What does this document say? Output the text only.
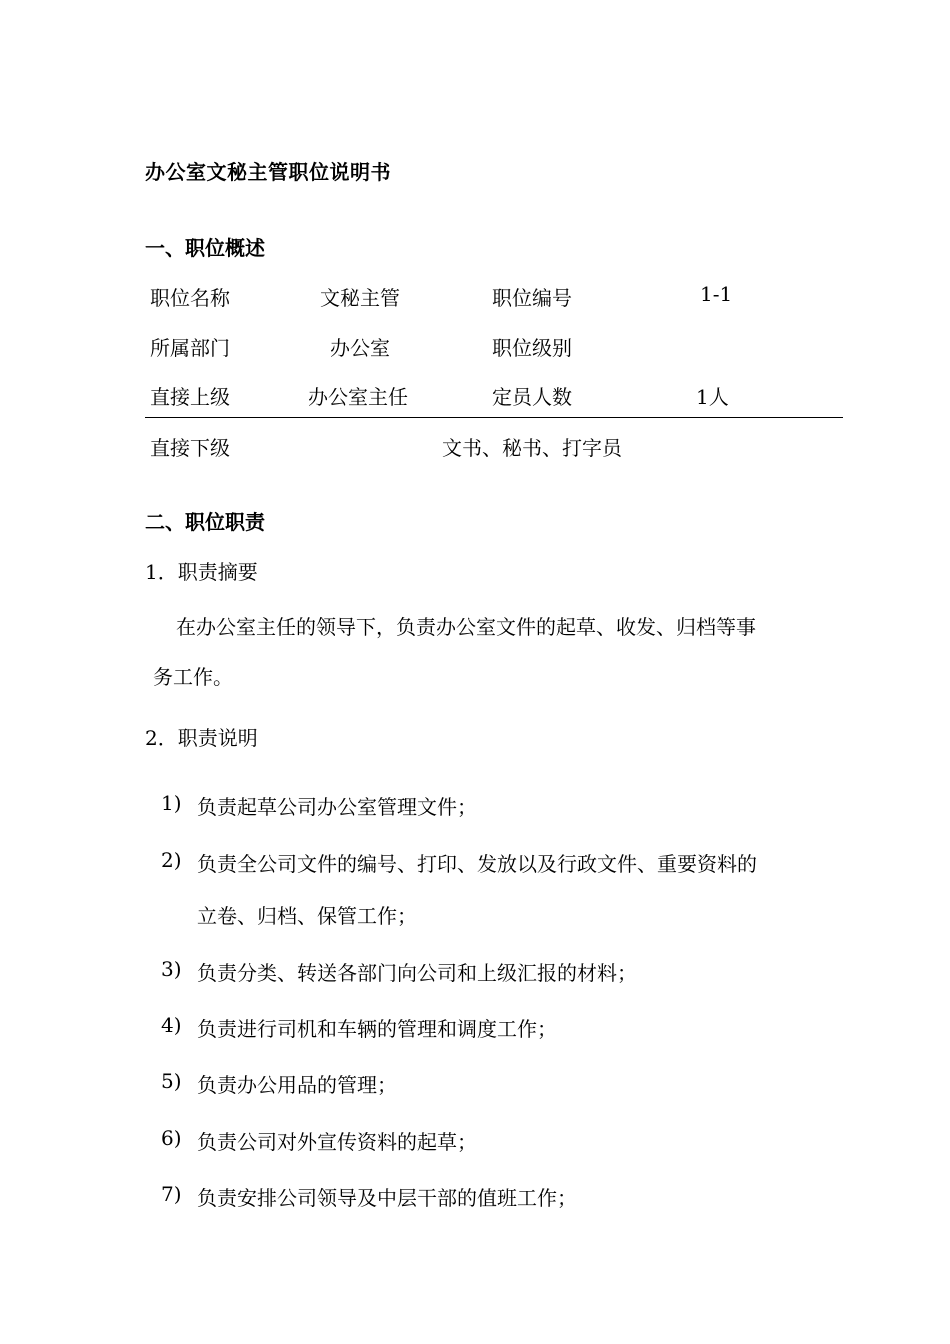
办公室文秘主管职位说明书
一、职位概述
职位名称	文秘主管	职位编号	1-1
所属部门	办公室	职位级别
直接上级	办公室主任	定员人数	1人
直接下级	文书、秘书、打字员
二、职位职责
1．职责摘要
在办公室主任的领导下，负责办公室文件的起草、收发、归档等事
务工作。
2．职责说明
1) 负责起草公司办公室管理文件；
2) 负责全公司文件的编号、打印、发放以及行政文件、重要资料的
立卷、归档、保管工作；
3) 负责分类、转送各部门向公司和上级汇报的材料；
4) 负责进行司机和车辆的管理和调度工作；
5) 负责办公用品的管理；
6) 负责公司对外宣传资料的起草；
7) 负责安排公司领导及中层干部的值班工作；
